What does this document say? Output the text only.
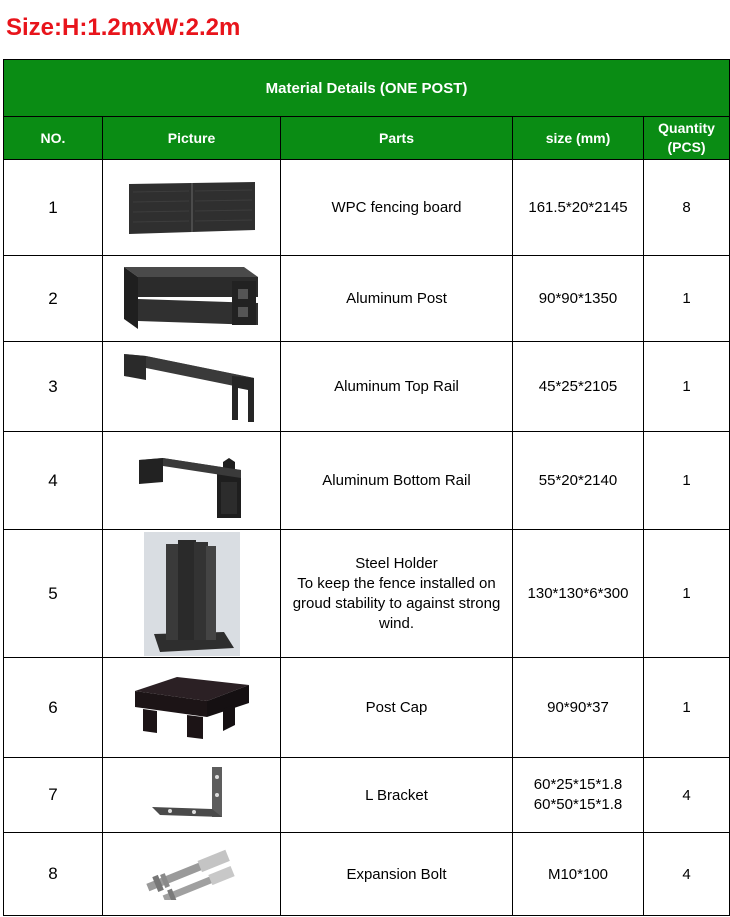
Size:H:1.2mxW:2.2m
Material Details (ONE POST)				
NO.	Picture	Parts	size (mm)	Quantity
(PCS)
1		WPC fencing board	161.5*20*2145	8
2		Aluminum Post	90*90*1350	1
3		Aluminum Top Rail	45*25*2105	1
4		Aluminum Bottom Rail	55*20*2140	1
5		Steel Holder
To keep the fence installed on
groud stability to against strong
wind.	130*130*6*300	1
6		Post Cap	90*90*37	1
7		L Bracket	60*25*15*1.8
60*50*15*1.8	4
8		Expansion Bolt	M10*100	4
